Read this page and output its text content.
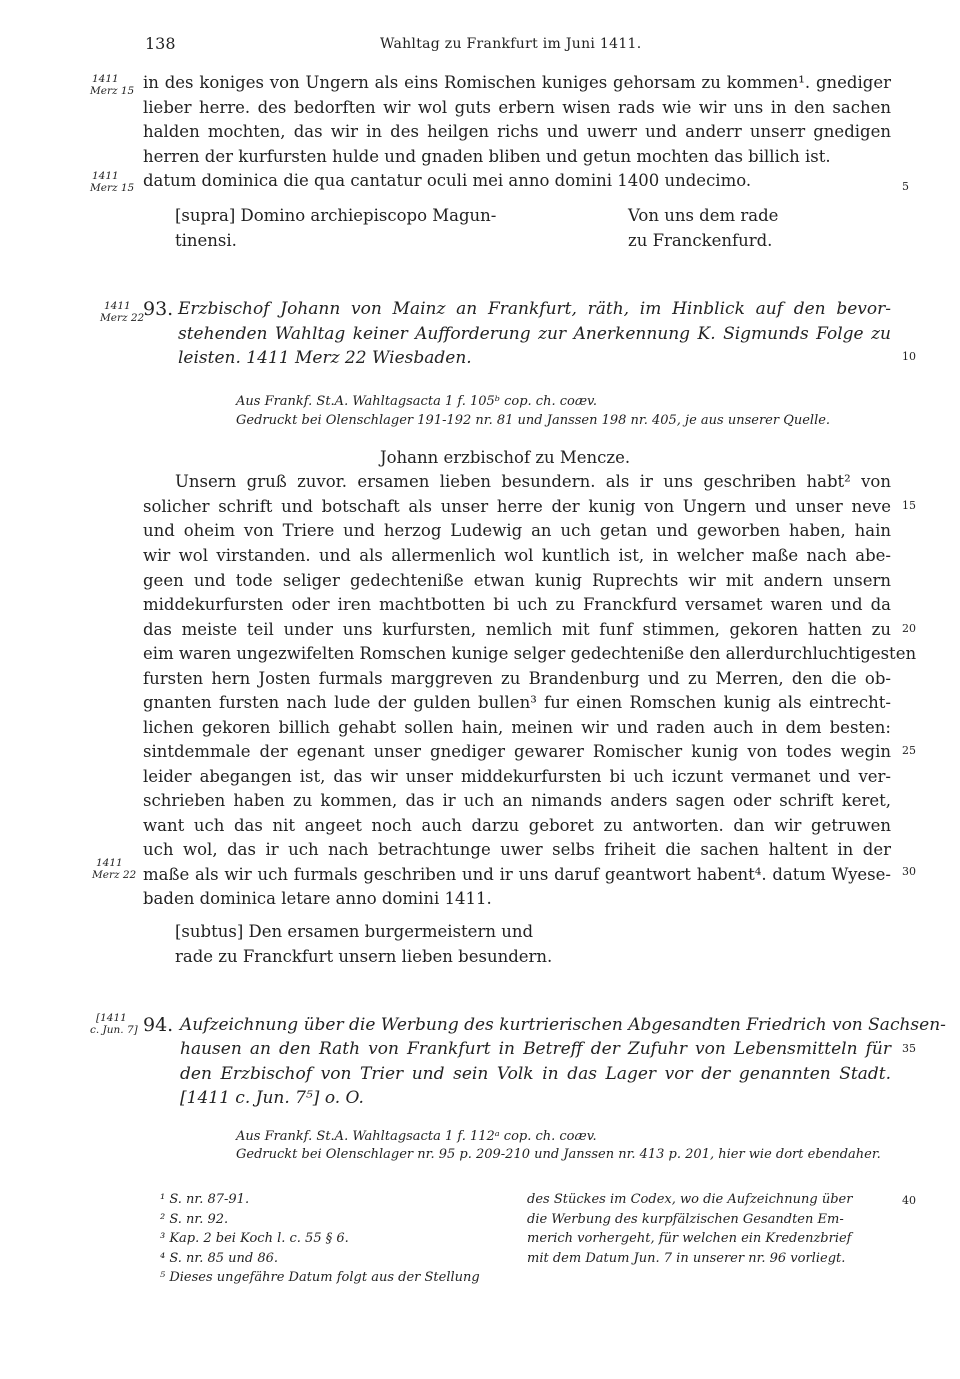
138	Wahltag zu Frankfurt im Juni 1411.
1411
Merz 15
1411
Merz 15
1411
Merz 22
1411
Merz 22
[1411
c. Jun. 7]
5
10
15
20
25
30
35
40
in des koniges von Ungern als eins Romischen kuniges gehorsam zu kommen¹. gnediger
lieber herre. des bedorften wir wol guts erbern wisen rads wie wir uns in den sachen
halden mochten, das wir in des heilgen richs und uwerr und anderr unserr gnedigen
herren der kurfursten hulde und gnaden bliben und getun mochten das billich ist.
datum dominica die qua cantatur oculi mei anno domini 1400 undecimo.
[supra] Domino archiepiscopo Magun-
tinensi.
Von uns dem rade
zu Franckenfurd.
93. Erzbischof Johann von Mainz an Frankfurt, räth, im Hinblick auf den bevor-
stehenden Wahltag keiner Aufforderung zur Anerkennung K. Sigmunds Folge zu
leisten. 1411 Merz 22 Wiesbaden.
Aus Frankf. St.A. Wahltagsacta 1 f. 105ᵇ cop. ch. coæv.
Gedruckt bei Olenschlager 191-192 nr. 81 und Janssen 198 nr. 405, je aus unserer Quelle.
Johann erzbischof zu Mencze.
Unsern gruß zuvor. ersamen lieben besundern. als ir uns geschriben habt² von
solicher schrift und botschaft als unser herre der kunig von Ungern und unser neve
und oheim von Triere und herzog Ludewig an uch getan und geworben haben, hain
wir wol virstanden. und als allermenlich wol kuntlich ist, in welcher maße nach abe-
geen und tode seliger gedechteniße etwan kunig Ruprechts wir mit andern unsern
middekurfursten oder iren machtbotten bi uch zu Franckfurd versamet waren und da
das meiste teil under uns kurfursten, nemlich mit funf stimmen, gekoren hatten zu
eim waren ungezwifelten Romschen kunige selger gedechteniße den allerdurchluchtigesten
fursten hern Josten furmals marggreven zu Brandenburg und zu Merren, den die ob-
gnanten fursten nach lude der gulden bullen³ fur einen Romschen kunig als eintrecht-
lichen gekoren billich gehabt sollen hain, meinen wir und raden auch in dem besten:
sintdemmale der egenant unser gnediger gewarer Romischer kunig von todes wegin
leider abegangen ist, das wir unser middekurfursten bi uch iczunt vermanet und ver-
schrieben haben zu kommen, das ir uch an nimands anders sagen oder schrift keret,
want uch das nit angeet noch auch darzu geboret zu antworten. dan wir getruwen
uch wol, das ir uch nach betrachtunge uwer selbs friheit die sachen haltent in der
maße als wir uch furmals geschriben und ir uns daruf geantwort habent⁴. datum Wyese-
baden dominica letare anno domini 1411.
[subtus] Den ersamen burgermeistern und
rade zu Franckfurt unsern lieben besundern.
94. Aufzeichnung über die Werbung des kurtrierischen Abgesandten Friedrich von Sachsen-
hausen an den Rath von Frankfurt in Betreff der Zufuhr von Lebensmitteln für
den Erzbischof von Trier und sein Volk in das Lager vor der genannten Stadt.
[1411 c. Jun. 7⁵] o. O.
Aus Frankf. St.A. Wahltagsacta 1 f. 112ᵃ cop. ch. coæv.
Gedruckt bei Olenschlager nr. 95 p. 209-210 und Janssen nr. 413 p. 201, hier wie dort ebendaher.
¹ S. nr. 87-91.
² S. nr. 92.
³ Kap. 2 bei Koch l. c. 55 § 6.
⁴ S. nr. 85 und 86.
⁵ Dieses ungefähre Datum folgt aus der Stellung
des Stückes im Codex, wo die Aufzeichnung über
die Werbung des kurpfälzischen Gesandten Em-
merich vorhergeht, für welchen ein Kredenzbrief
mit dem Datum Jun. 7 in unserer nr. 96 vorliegt.
